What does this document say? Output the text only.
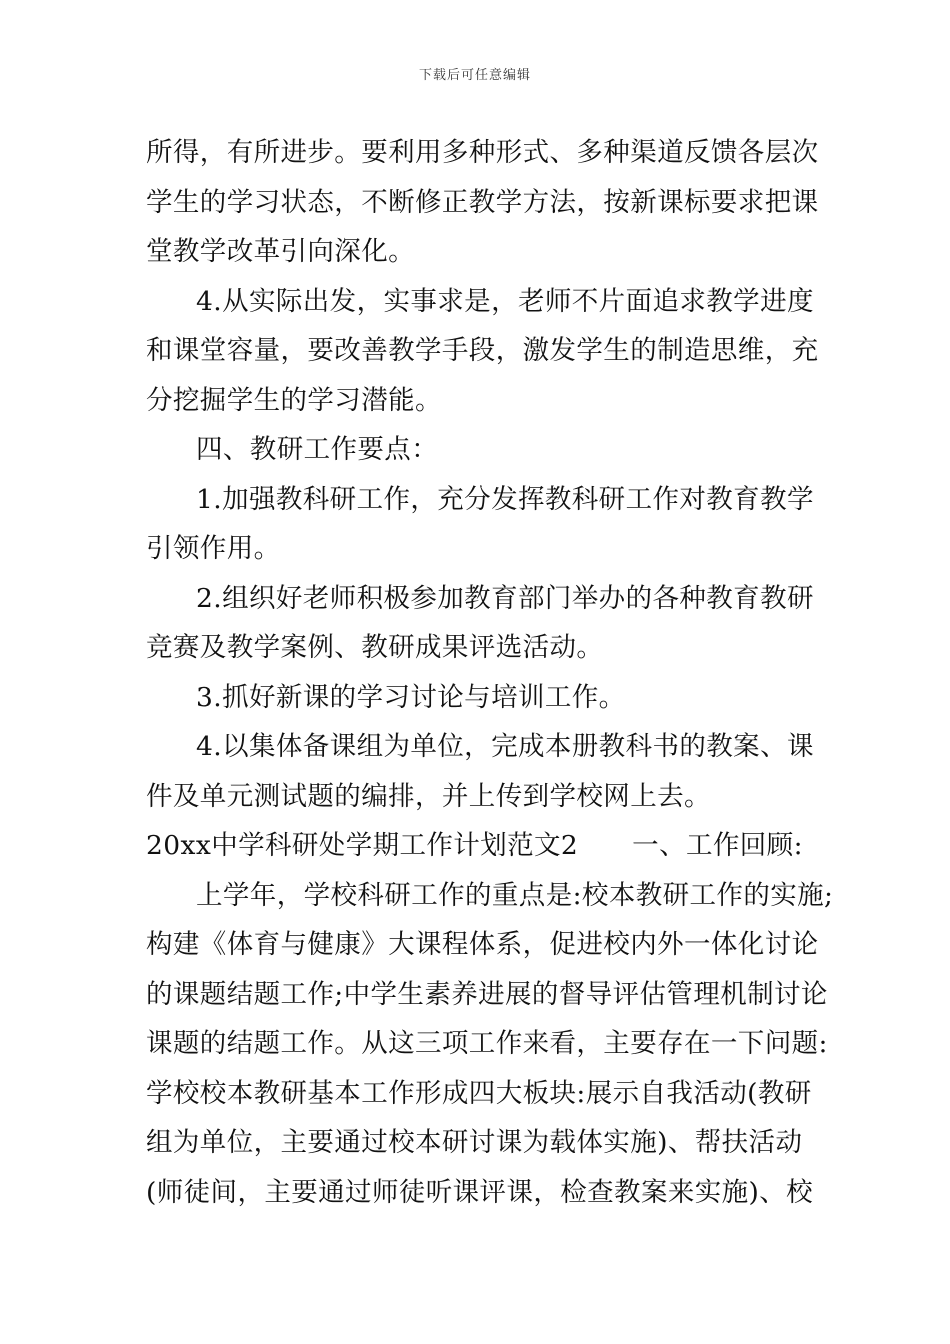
下载后可任意编辑
所得，有所进步。要利用多种形式、多种渠道反馈各层次
学生的学习状态，不断修正教学方法，按新课标要求把课
堂教学改革引向深化。
4.从实际出发，实事求是，老师不片面追求教学进度
和课堂容量，要改善教学手段，激发学生的制造思维，充
分挖掘学生的学习潜能。
四、教研工作要点：
1.加强教科研工作，充分发挥教科研工作对教育教学
引领作用。
2.组织好老师积极参加教育部门举办的各种教育教研
竞赛及教学案例、教研成果评选活动。
3.抓好新课的学习讨论与培训工作。
4.以集体备课组为单位，完成本册教科书的教案、课
件及单元测试题的编排，并上传到学校网上去。
20xx中学科研处学期工作计划范文2 一、工作回顾:
上学年，学校科研工作的重点是:校本教研工作的实施;
构建《体育与健康》大课程体系，促进校内外一体化讨论
的课题结题工作;中学生素养进展的督导评估管理机制讨论
课题的结题工作。从这三项工作来看，主要存在一下问题:
学校校本教研基本工作形成四大板块:展示自我活动(教研
组为单位，主要通过校本研讨课为载体实施)、帮扶活动
(师徒间，主要通过师徒听课评课，检查教案来实施)、校
